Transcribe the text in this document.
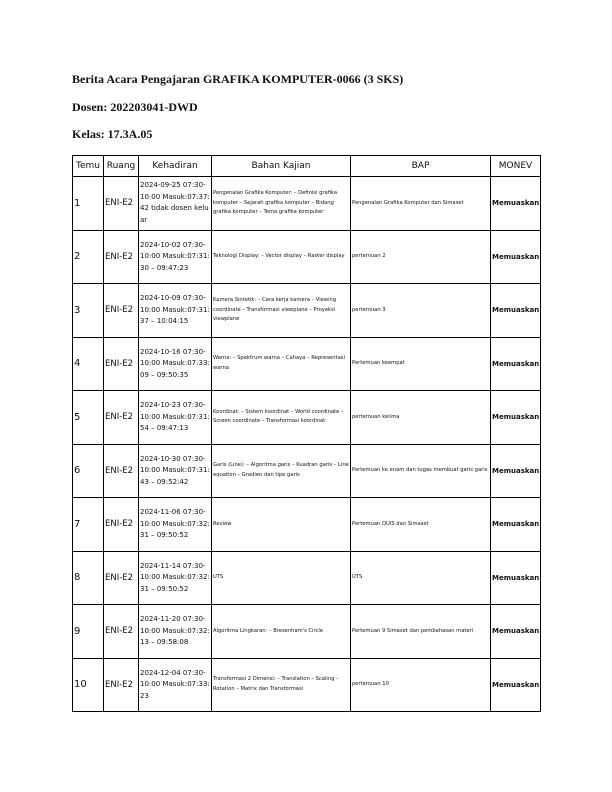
Berita Acara Pengajaran GRAFIKA KOMPUTER-0066 (3 SKS)
Dosen: 202203041-DWD
Kelas: 17.3A.05
Temu	Ruang	Kehadiran	Bahan Kajian	BAP	MONEV
1	ENI-E2	2024-09-25 07:30-10:00 Masuk:07:37:42 tidak dosen keluar	Pengenalan Grafika Komputer: – Definisi grafika komputer – Sejarah grafika komputer – Bidang grafika komputer – Tema grafika komputer	Pengenalan Grafika Komputer dan Simaset	Memuaskan
2	ENI-E2	2024-10-02 07:30-10:00 Masuk:07:31:30 – 09:47:23	Teknologi Display: – Vector display – Raster display	pertemuan 2	Memuaskan
3	ENI-E2	2024-10-09 07:30-10:00 Masuk:07:31:37 – 10:04:15	Kamera Sintetik: – Cara kerja kamera – Viewing coordinate – Transformasi viewplane – Proyeksi viewplane	pertemuan 3	Memuaskan
4	ENI-E2	2024-10-16 07:30-10:00 Masuk:07:33:09 – 09:50:35	Warna: – Spektrum warna – Cahaya – Representasi warna	Pertemuan keempat	Memuaskan
5	ENI-E2	2024-10-23 07:30-10:00 Masuk:07:31:54 – 09:47:13	Koordinat: – Sistem koordinat – World coordinate – Screen coordinate – Transformasi koordinat	pertemuan kelima	Memuaskan
6	ENI-E2	2024-10-30 07:30-10:00 Masuk:07:31:43 – 09:52:42	Garis (Line): – Algoritma garis – Kuadran garis – Line equation – Gradien dan tipe garis	Pertemuan ke enam dan tugas membuat garis garis	Memuaskan
7	ENI-E2	2024-11-06 07:30-10:00 Masuk:07:32:31 – 09:50:52	Review	Pertemuan QUIS dan Simaset	Memuaskan
8	ENI-E2	2024-11-14 07:30-10:00 Masuk:07:32:31 – 09:50:52	UTS	UTS	Memuaskan
9	ENI-E2	2024-11-20 07:30-10:00 Masuk:07:32:13 – 09:58:08	Algoritma Lingkaran: – Bresenham's Circle	Pertemuan 9 Simaset dan pembahasan materi	Memuaskan
10	ENI-E2	2024-12-04 07:30-10:00 Masuk:07:33:23	Transformasi 2 Dimensi: – Translation – Scaling – Rotation – Matrix dan Transformasi	pertemuan 10	Memuaskan
